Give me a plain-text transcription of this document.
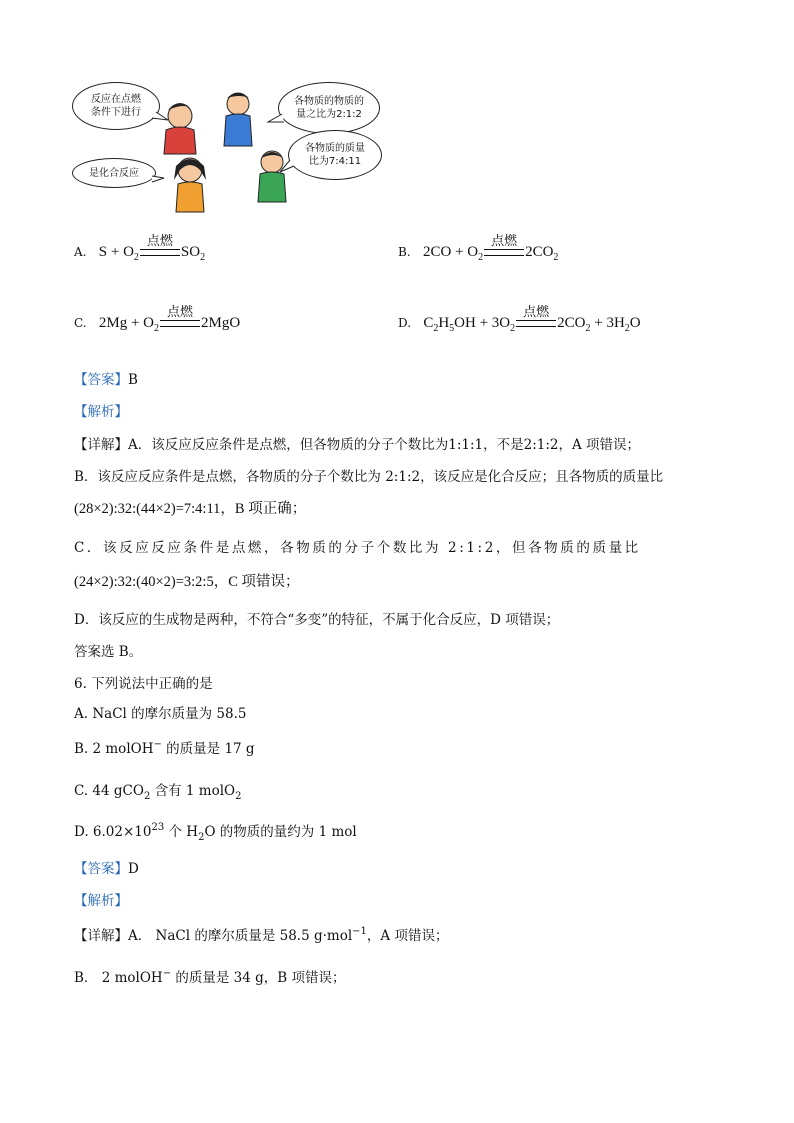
反应在点燃
条件下进行
各物质的物质的
量之比为2:1:2
各物质的质量
比为7:4:11
是化合反应
A. $S + O_2$
点燃
$SO_2$	B. $2CO + O_2$
点燃
$2CO_2$
C. $2Mg + O_2$
点燃
2MgO	D. $C_2H_5OH + 3O_2$
点燃
$2CO_2 + 3H_2O$
【答案】B
【解析】
【详解】A．该反应反应条件是点燃，但各物质的分子个数比为1:1:1，不是2:1:2，A 项错误；
B．该反应反应条件是点燃，各物质的分子个数比为 2:1:2，该反应是化合反应；且各物质的质量比
(28×2):32:(44×2)=7:4:11，B 项正确；
C．该反应反应条件是点燃，各物质的分子个数比为 2:1:2，但各物质的质量比
(24×2):32:(40×2)=3:2:5，C 项错误；
D．该反应的生成物是两种，不符合“多变”的特征，不属于化合反应，D 项错误；
答案选 B。
6. 下列说法中正确的是
A. NaCl 的摩尔质量为 58.5
B. 2 molOH− 的质量是 17 g
C. 44 gCO$_2$ 含有 1 molO$_2$
D. $6.02\times 10^{23}$ 个 $H_2O$ 的物质的量约为 1 mol
【答案】D
【解析】
【详解】A． NaCl 的摩尔质量是 58.5 g·mol$^{-1}$，A 项错误；
B． 2 molOH− 的质量是 34 g，B 项错误；
